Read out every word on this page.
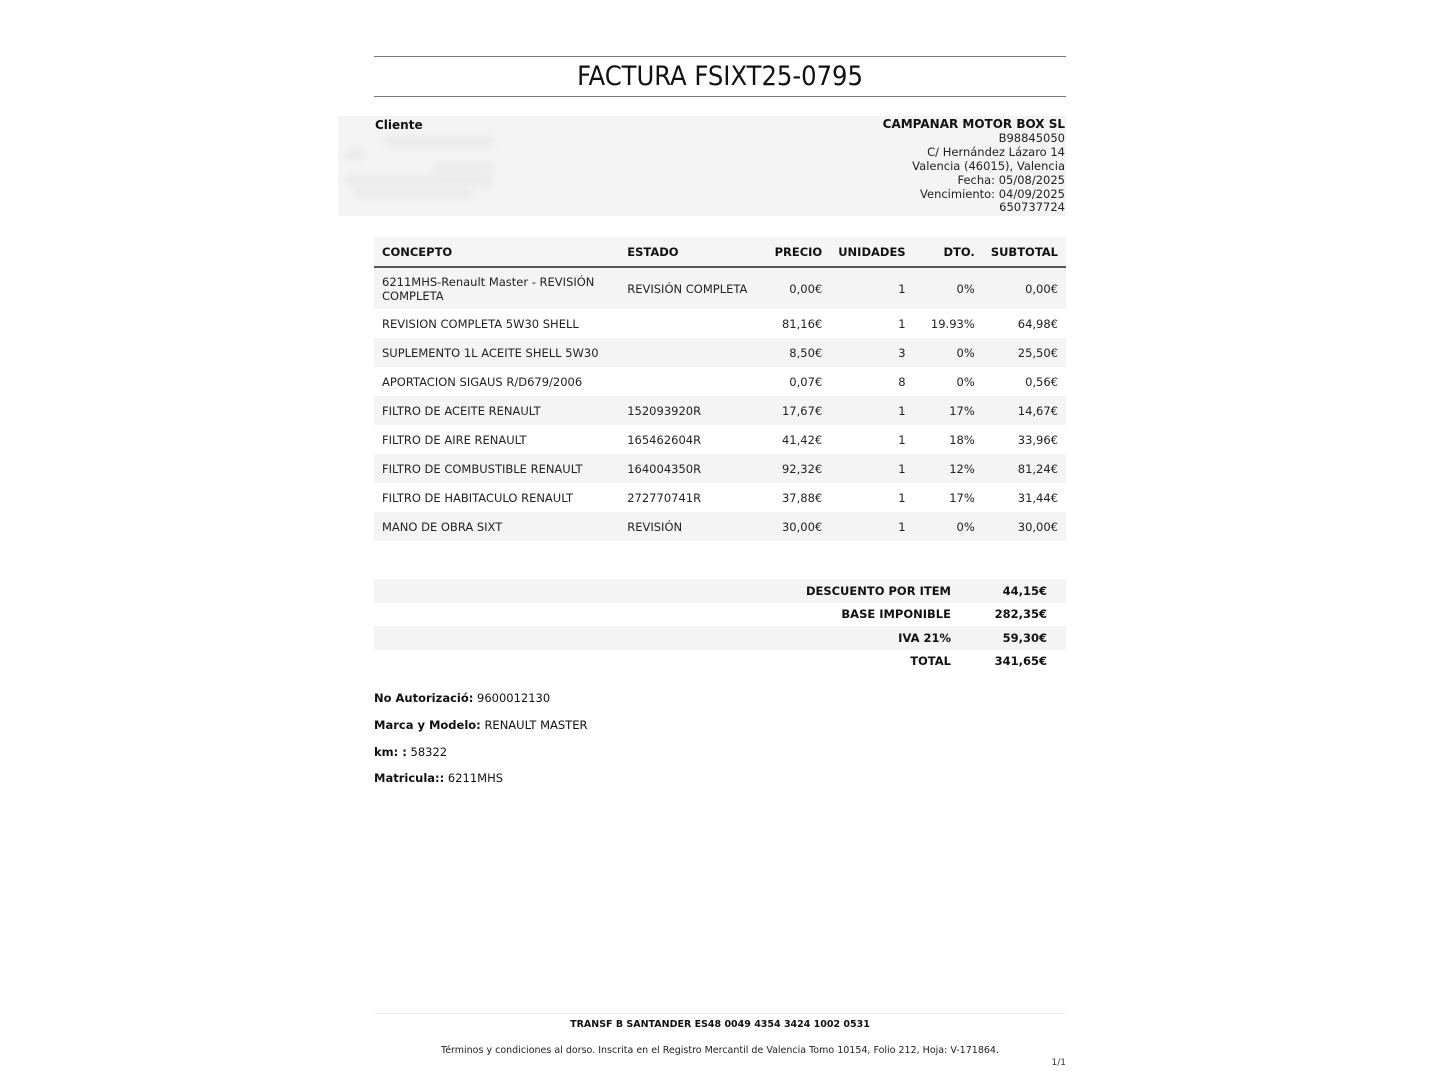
FACTURA FSIXT25-0795
Cliente	CAMPANAR MOTOR BOX SL
B98845050
C/ Hernández Lázaro 14
Valencia (46015), Valencia
Fecha: 05/08/2025
Vencimiento: 04/09/2025
650737724
CONCEPTO	ESTADO	PRECIO	UNIDADES	DTO.	SUBTOTAL
6211MHS-Renault Master - REVISIÓN COMPLETA	REVISIÓN COMPLETA	0,00€	1	0%	0,00€
REVISION COMPLETA 5W30 SHELL		81,16€	1	19.93%	64,98€
SUPLEMENTO 1L ACEITE SHELL 5W30		8,50€	3	0%	25,50€
APORTACION SIGAUS R/D679/2006		0,07€	8	0%	0,56€
FILTRO DE ACEITE RENAULT	152093920R	17,67€	1	17%	14,67€
FILTRO DE AIRE RENAULT	165462604R	41,42€	1	18%	33,96€
FILTRO DE COMBUSTIBLE RENAULT	164004350R	92,32€	1	12%	81,24€
FILTRO DE HABITACULO RENAULT	272770741R	37,88€	1	17%	31,44€
MANO DE OBRA SIXT	REVISIÓN	30,00€	1	0%	30,00€
DESCUENTO POR ITEM	44,15€
BASE IMPONIBLE	282,35€
IVA 21%	59,30€
TOTAL	341,65€
No Autorizació: 9600012130
Marca y Modelo: RENAULT MASTER
km: : 58322
Matricula:: 6211MHS
TRANSF B SANTANDER ES48 0049 4354 3424 1002 0531
Términos y condiciones al dorso. Inscrita en el Registro Mercantil de Valencia Tomo 10154, Folio 212, Hoja: V-171864.
1/1
